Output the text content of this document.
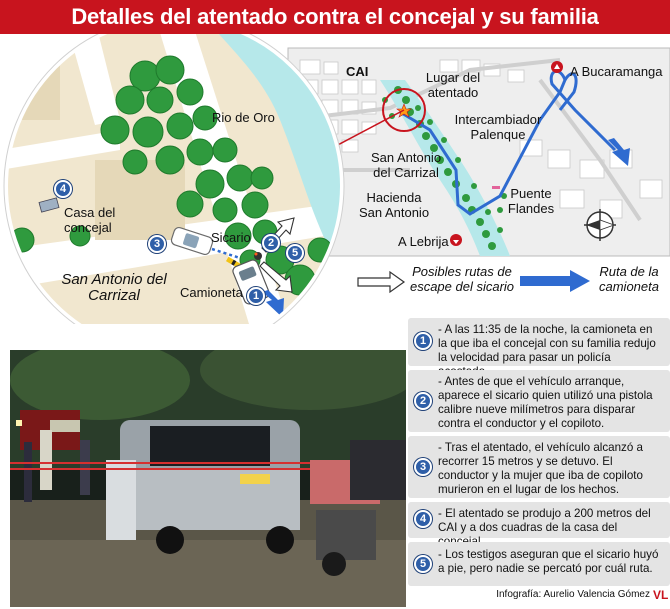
Detalles del atentado contra el concejal y su familia
CAI	Lugar del atentado
A Bucaramanga
Intercambiador Palenque
San Antonio del Carrizal
Hacienda San Antonio
Puente Flandes
A Lebrija
Rio de Oro
Casa del concejal
Sicario
Camioneta
San Antonio del Carrizal
4
3	2
5
1
Posibles rutas de escape del sicario
Ruta de la camioneta
1
- A las 11:35 de la noche, la camioneta en la que iba el concejal con su familia redujo la velocidad para pasar un policía
2
- Antes de que el vehículo arranque, aparece el sicario quien utilizó una pistola calibre nueve milímetros para disparar contra el conductor y el copiloto.
3
- Tras el atentado, el vehículo alcanzó a recorrer 15 metros y se detuvo. El conductor y la mujer que iba de copiloto murieron en el lugar de los hechos.
4	- El atentado se produjo a 200 metros del CAI y a dos cuadras de la casa del
5
- Los testigos aseguran que el sicario huyó a pie, pero nadie se percató por cuál ruta.
Infografía: Aurelio Valencia Gómez VL
